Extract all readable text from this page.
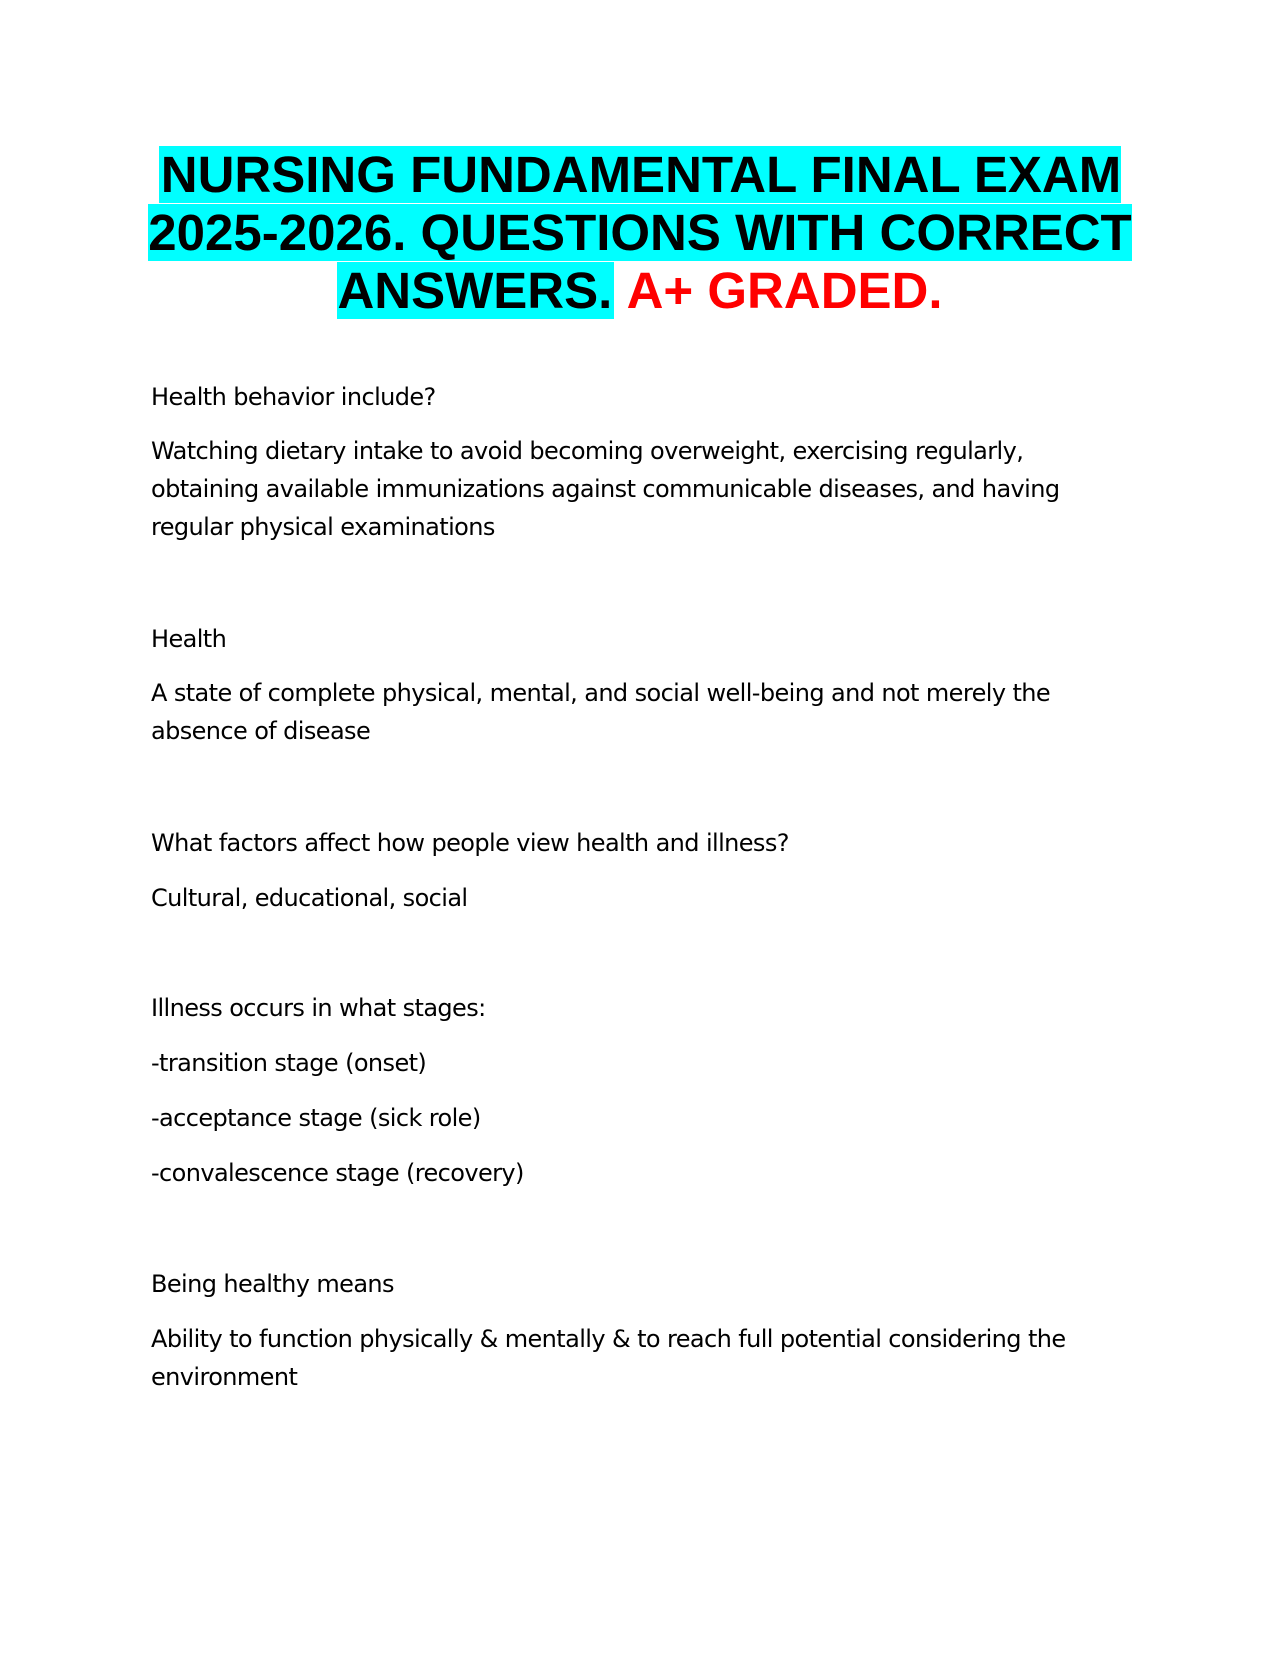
NURSING FUNDAMENTAL FINAL EXAM 2025-2026. QUESTIONS WITH CORRECT ANSWERS. A+ GRADED.

Health behavior include?

Watching dietary intake to avoid becoming overweight, exercising regularly,

obtaining available immunizations against communicable diseases, and having

regular physical examinations

Health

A state of complete physical, mental, and social well-being and not merely the

absence of disease

What factors affect how people view health and illness?

Cultural, educational, social

Illness occurs in what stages:

-transition stage (onset)

-acceptance stage (sick role)

-convalescence stage (recovery)

Being healthy means

Ability to function physically & mentally & to reach full potential considering the

environment
